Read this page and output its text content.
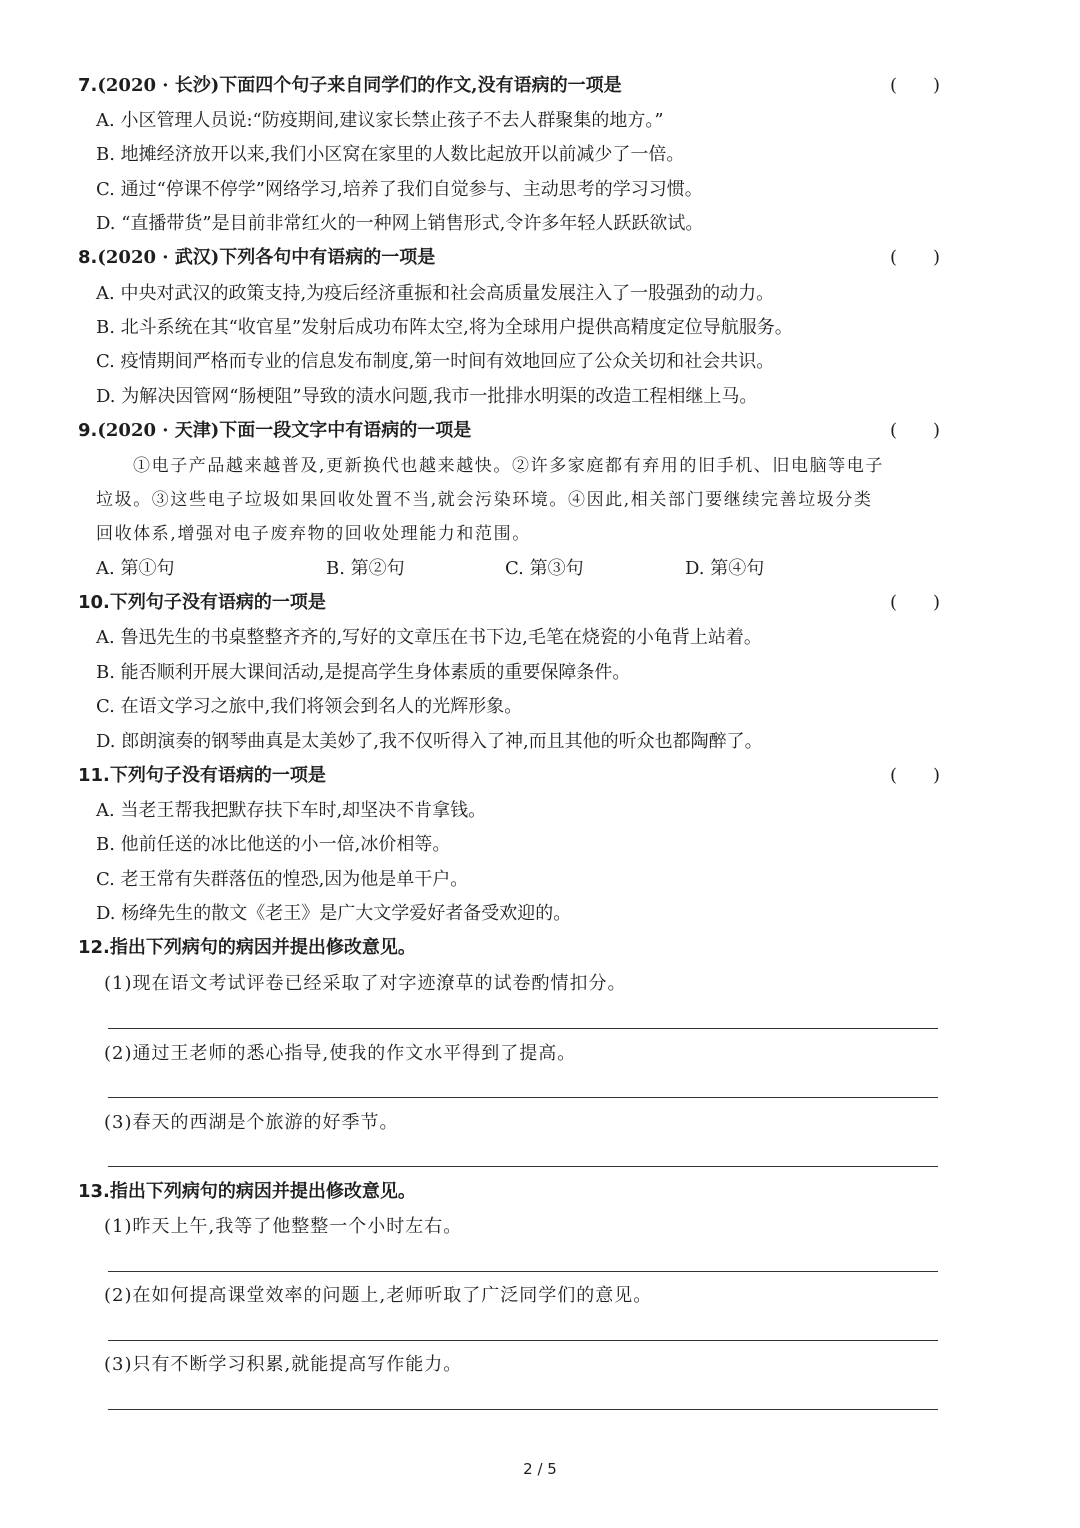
7.(2020 · 长沙)下面四个句子来自同学们的作文,没有语病的一项是	(　　)
A. 小区管理人员说:“防疫期间,建议家长禁止孩子不去人群聚集的地方。”
B. 地摊经济放开以来,我们小区窝在家里的人数比起放开以前减少了一倍。
C. 通过“停课不停学”网络学习,培养了我们自觉参与、主动思考的学习习惯。
D. “直播带货”是目前非常红火的一种网上销售形式,令许多年轻人跃跃欲试。
8.(2020 · 武汉)下列各句中有语病的一项是	(　　)
A. 中央对武汉的政策支持,为疫后经济重振和社会高质量发展注入了一股强劲的动力。
B. 北斗系统在其“收官星”发射后成功布阵太空,将为全球用户提供高精度定位导航服务。
C. 疫情期间严格而专业的信息发布制度,第一时间有效地回应了公众关切和社会共识。
D. 为解决因管网“肠梗阻”导致的渍水问题,我市一批排水明渠的改造工程相继上马。
9.(2020 · 天津)下面一段文字中有语病的一项是	(　　)
①电子产品越来越普及,更新换代也越来越快。②许多家庭都有弃用的旧手机、旧电脑等电子
垃圾。③这些电子垃圾如果回收处置不当,就会污染环境。④因此,相关部门要继续完善垃圾分类
回收体系,增强对电子废弃物的回收处理能力和范围。
A. 第①句	B. 第②句	C. 第③句	D. 第④句
10.下列句子没有语病的一项是	(　　)
A. 鲁迅先生的书桌整整齐齐的,写好的文章压在书下边,毛笔在烧瓷的小龟背上站着。
B. 能否顺利开展大课间活动,是提高学生身体素质的重要保障条件。
C. 在语文学习之旅中,我们将领会到名人的光辉形象。
D. 郎朗演奏的钢琴曲真是太美妙了,我不仅听得入了神,而且其他的听众也都陶醉了。
11.下列句子没有语病的一项是	(　　)
A. 当老王帮我把默存扶下车时,却坚决不肯拿钱。
B. 他前任送的冰比他送的小一倍,冰价相等。
C. 老王常有失群落伍的惶恐,因为他是单干户。
D. 杨绛先生的散文《老王》是广大文学爱好者备受欢迎的。
12.指出下列病句的病因并提出修改意见。
(1)现在语文考试评卷已经采取了对字迹潦草的试卷酌情扣分。
(2)通过王老师的悉心指导,使我的作文水平得到了提高。
(3)春天的西湖是个旅游的好季节。
13.指出下列病句的病因并提出修改意见。
(1)昨天上午,我等了他整整一个小时左右。
(2)在如何提高课堂效率的问题上,老师听取了广泛同学们的意见。
(3)只有不断学习积累,就能提高写作能力。
2 / 5
